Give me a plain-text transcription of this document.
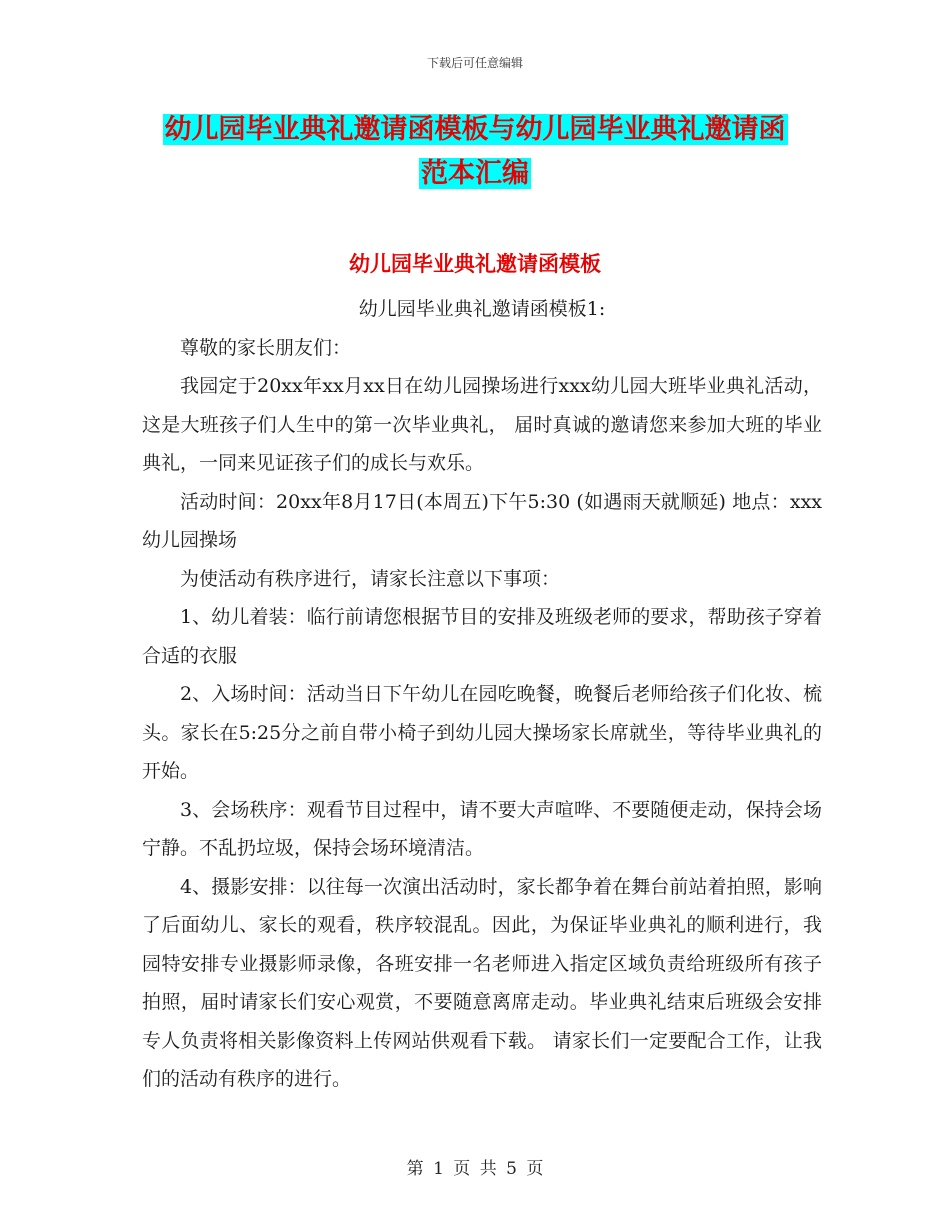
下载后可任意编辑
幼儿园毕业典礼邀请函模板与幼儿园毕业典礼邀请函
范本汇编
幼儿园毕业典礼邀请函模板

幼儿园毕业典礼邀请函模板1:

尊敬的家长朋友们：

我园定于20xx年xx月xx日在幼儿园操场进行xxx幼儿园大班毕业典礼活动，这是大班孩子们人生中的第一次毕业典礼， 届时真诚的邀请您来参加大班的毕业典礼，一同来见证孩子们的成长与欢乐。

活动时间：20xx年8月17日(本周五)下午5:30 (如遇雨天就顺延) 地点：xxx幼儿园操场

为使活动有秩序进行，请家长注意以下事项：

1、幼儿着装：临行前请您根据节目的安排及班级老师的要求，帮助孩子穿着合适的衣服

2、入场时间：活动当日下午幼儿在园吃晚餐，晚餐后老师给孩子们化妆、梳头。家长在5:25分之前自带小椅子到幼儿园大操场家长席就坐，等待毕业典礼的开始。

3、会场秩序：观看节目过程中，请不要大声喧哗、不要随便走动，保持会场宁静。不乱扔垃圾，保持会场环境清洁。

4、摄影安排：以往每一次演出活动时，家长都争着在舞台前站着拍照，影响了后面幼儿、家长的观看，秩序较混乱。因此，为保证毕业典礼的顺利进行，我园特安排专业摄影师录像，各班安排一名老师进入指定区域负责给班级所有孩子拍照，届时请家长们安心观赏，不要随意离席走动。毕业典礼结束后班级会安排专人负责将相关影像资料上传网站供观看下载。 请家长们一定要配合工作，让我们的活动有秩序的进行。

第 1 页 共 5 页
